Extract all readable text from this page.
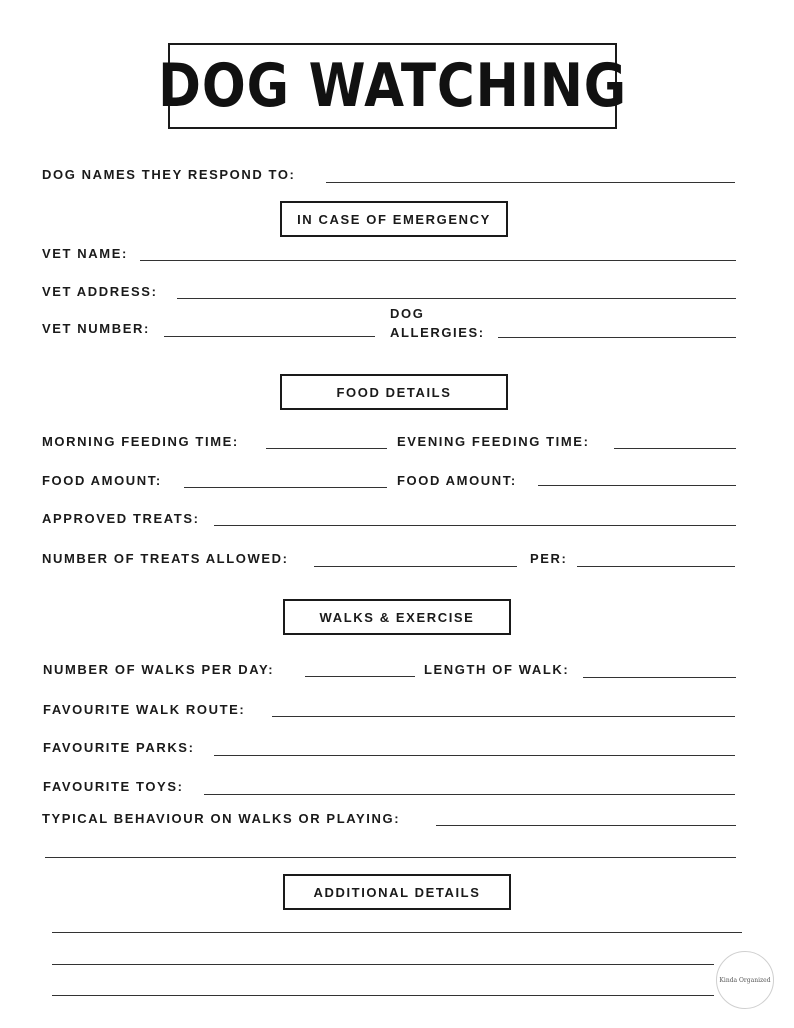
DOG WATCHING
DOG NAMES THEY RESPOND TO:
IN CASE OF EMERGENCY
VET NAME:
VET ADDRESS:
VET NUMBER:
DOG
ALLERGIES:
FOOD DETAILS
MORNING FEEDING TIME:	EVENING FEEDING TIME:
FOOD AMOUNT:	FOOD AMOUNT:
APPROVED TREATS:
NUMBER OF TREATS ALLOWED:	PER:
WALKS & EXERCISE
NUMBER OF WALKS PER DAY:	LENGTH OF WALK:
FAVOURITE WALK ROUTE:
FAVOURITE PARKS:
FAVOURITE TOYS:
TYPICAL BEHAVIOUR ON WALKS OR PLAYING:
ADDITIONAL DETAILS
Kinda Organized
